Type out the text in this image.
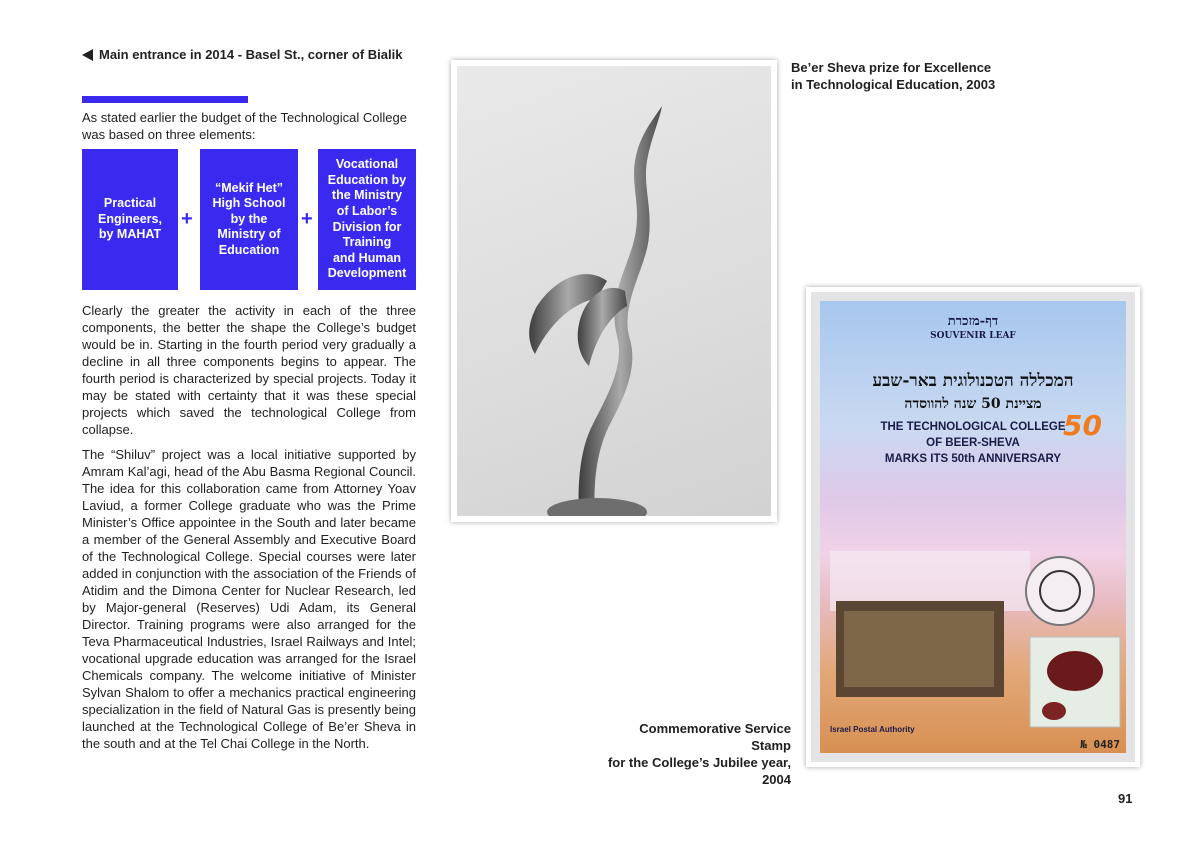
Main entrance in 2014 - Basel St., corner of Bialik
As stated earlier the budget of the Technological College was based on three elements:
Practical
Engineers,
by MAHAT
+
“Mekif Het”
High School
by the
Ministry of
Education
+
Vocational
Education by
the Ministry
of Labor’s
Division for
Training
and Human
Development

Clearly the greater the activity in each of the three components, the better the shape the College’s budget would be in. Starting in the fourth period very gradually a decline in all three components begins to appear. The fourth period is characterized by special projects. Today it may be stated with certainty that it was these special projects which saved the technological College from collapse.

The “Shiluv” project was a local initiative supported by Amram Kal’agi, head of the Abu Basma Regional Council. The idea for this collaboration came from Attorney Yoav Laviud, a former College graduate who was the Prime Minister’s Office appointee in the South and later became a member of the General Assembly and Executive Board of the Technological College. Special courses were later added in conjunction with the association of the Friends of Atidim and the Dimona Center for Nuclear Research, led by Major-general (Reserves) Udi Adam, its General Director. Training programs were also arranged for the Teva Pharmaceutical Industries, Israel Railways and Intel; vocational upgrade education was arranged for the Israel Chemicals company. The welcome initiative of Minister Sylvan Shalom to offer a mechanics practical engineering specialization in the field of Natural Gas is presently being launched at the Technological College of Be’er Sheva in the south and at the Tel Chai College in the North.

Be’er Sheva prize for Excellence
in Technological Education, 2003
דף-מזכרת
SOUVENIR LEAF
המכללה הטכנולוגית באר-שבע
מציינת 50 שנה להווסדה
THE TECHNOLOGICAL COLLEGE
OF BEER-SHEVA
MARKS ITS 50th ANNIVERSARY
50
Israel Postal Authority
№ 0487
Commemorative Service Stamp
for the College’s Jubilee year,
2004
91
